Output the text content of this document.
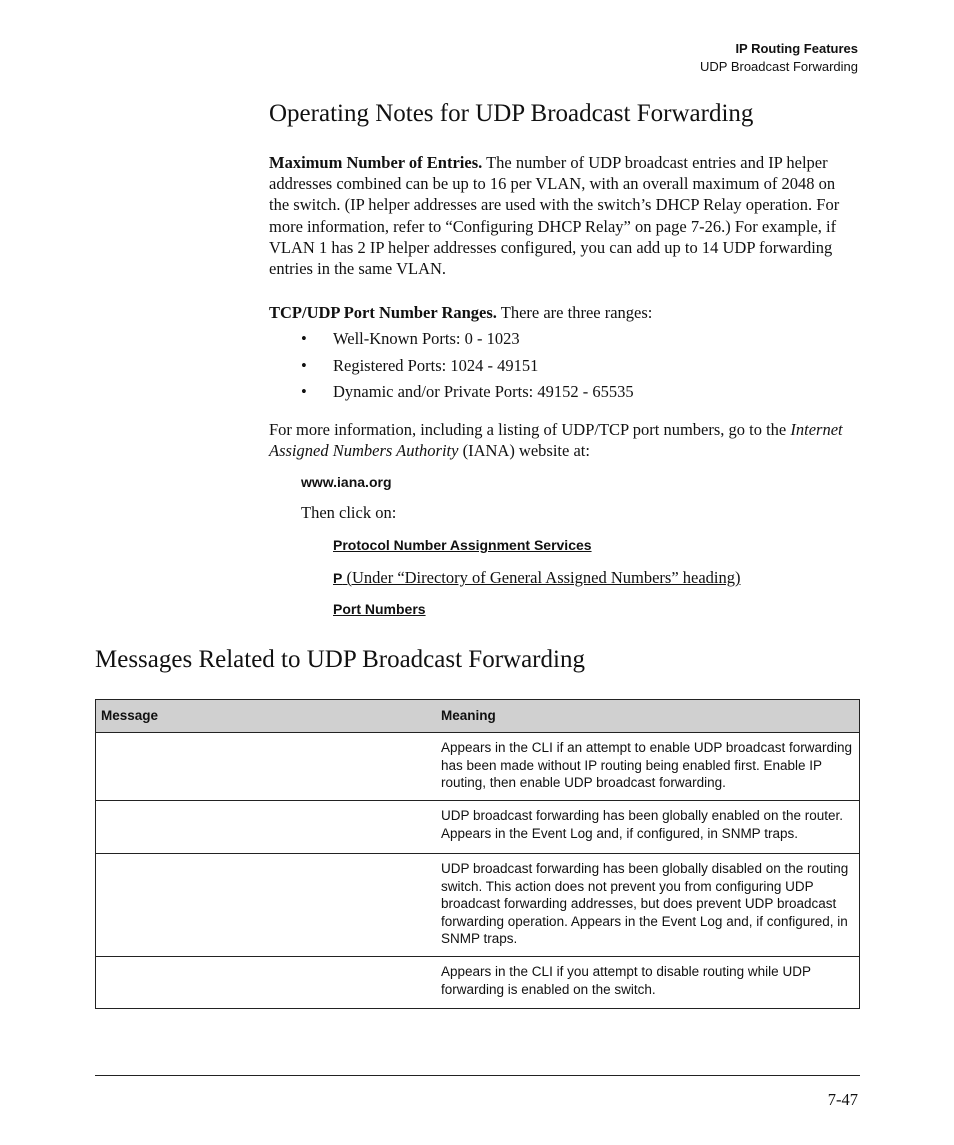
IP Routing Features
UDP Broadcast Forwarding
Operating Notes for UDP Broadcast Forwarding
Maximum Number of Entries. The number of UDP broadcast entries and IP helper addresses combined can be up to 16 per VLAN, with an overall maximum of 2048 on the switch. (IP helper addresses are used with the switch’s DHCP Relay operation. For more information, refer to “Configuring DHCP Relay” on page 7-26.) For example, if VLAN 1 has 2 IP helper addresses configured, you can add up to 14 UDP forwarding entries in the same VLAN.
TCP/UDP Port Number Ranges. There are three ranges:
• Well-Known Ports: 0 - 1023
• Registered Ports: 1024 - 49151
• Dynamic and/or Private Ports: 49152 - 65535
For more information, including a listing of UDP/TCP port numbers, go to the Internet Assigned Numbers Authority (IANA) website at:
www.iana.org
Then click on:
Protocol Number Assignment Services
P (Under “Directory of General Assigned Numbers” heading)
Port Numbers
Messages Related to UDP Broadcast Forwarding
Message	Meaning
	Appears in the CLI if an attempt to enable UDP broadcast forwarding has been made without IP routing being enabled first. Enable IP routing, then enable UDP broadcast forwarding.
	UDP broadcast forwarding has been globally enabled on the router. Appears in the Event Log and, if configured, in SNMP traps.
	UDP broadcast forwarding has been globally disabled on the routing switch. This action does not prevent you from configuring UDP broadcast forwarding addresses, but does prevent UDP broadcast forwarding operation. Appears in the Event Log and, if configured, in SNMP traps.
	Appears in the CLI if you attempt to disable routing while UDP forwarding is enabled on the switch.
7-47
